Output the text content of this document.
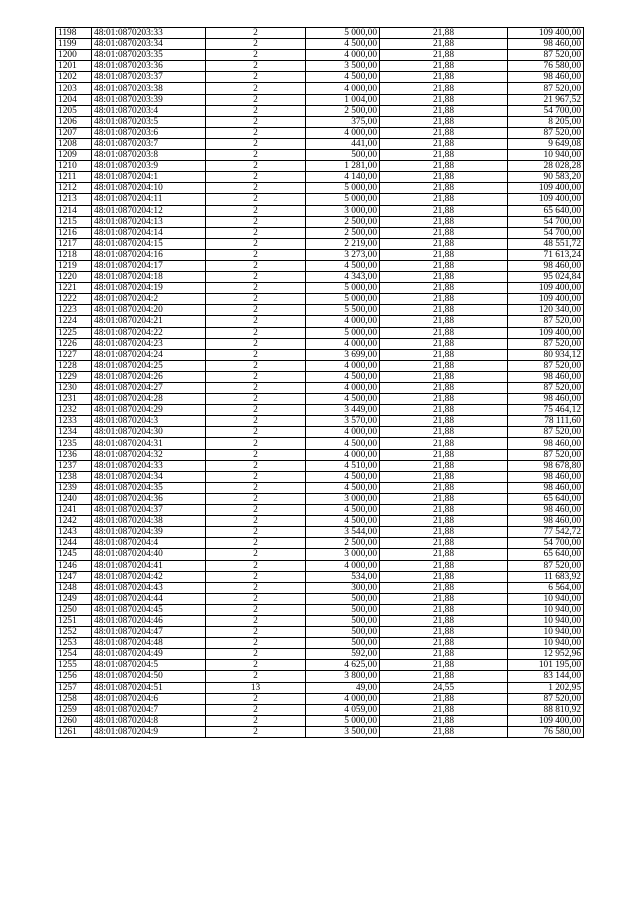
1198	48:01:0870203:33	2	5 000,00	21,88	109 400,00
1199	48:01:0870203:34	2	4 500,00	21,88	98 460,00
1200	48:01:0870203:35	2	4 000,00	21,88	87 520,00
1201	48:01:0870203:36	2	3 500,00	21,88	76 580,00
1202	48:01:0870203:37	2	4 500,00	21,88	98 460,00
1203	48:01:0870203:38	2	4 000,00	21,88	87 520,00
1204	48:01:0870203:39	2	1 004,00	21,88	21 967,52
1205	48:01:0870203:4	2	2 500,00	21,88	54 700,00
1206	48:01:0870203:5	2	375,00	21,88	8 205,00
1207	48:01:0870203:6	2	4 000,00	21,88	87 520,00
1208	48:01:0870203:7	2	441,00	21,88	9 649,08
1209	48:01:0870203:8	2	500,00	21,88	10 940,00
1210	48:01:0870203:9	2	1 281,00	21,88	28 028,28
1211	48:01:0870204:1	2	4 140,00	21,88	90 583,20
1212	48:01:0870204:10	2	5 000,00	21,88	109 400,00
1213	48:01:0870204:11	2	5 000,00	21,88	109 400,00
1214	48:01:0870204:12	2	3 000,00	21,88	65 640,00
1215	48:01:0870204:13	2	2 500,00	21,88	54 700,00
1216	48:01:0870204:14	2	2 500,00	21,88	54 700,00
1217	48:01:0870204:15	2	2 219,00	21,88	48 551,72
1218	48:01:0870204:16	2	3 273,00	21,88	71 613,24
1219	48:01:0870204:17	2	4 500,00	21,88	98 460,00
1220	48:01:0870204:18	2	4 343,00	21,88	95 024,84
1221	48:01:0870204:19	2	5 000,00	21,88	109 400,00
1222	48:01:0870204:2	2	5 000,00	21,88	109 400,00
1223	48:01:0870204:20	2	5 500,00	21,88	120 340,00
1224	48:01:0870204:21	2	4 000,00	21,88	87 520,00
1225	48:01:0870204:22	2	5 000,00	21,88	109 400,00
1226	48:01:0870204:23	2	4 000,00	21,88	87 520,00
1227	48:01:0870204:24	2	3 699,00	21,88	80 934,12
1228	48:01:0870204:25	2	4 000,00	21,88	87 520,00
1229	48:01:0870204:26	2	4 500,00	21,88	98 460,00
1230	48:01:0870204:27	2	4 000,00	21,88	87 520,00
1231	48:01:0870204:28	2	4 500,00	21,88	98 460,00
1232	48:01:0870204:29	2	3 449,00	21,88	75 464,12
1233	48:01:0870204:3	2	3 570,00	21,88	78 111,60
1234	48:01:0870204:30	2	4 000,00	21,88	87 520,00
1235	48:01:0870204:31	2	4 500,00	21,88	98 460,00
1236	48:01:0870204:32	2	4 000,00	21,88	87 520,00
1237	48:01:0870204:33	2	4 510,00	21,88	98 678,80
1238	48:01:0870204:34	2	4 500,00	21,88	98 460,00
1239	48:01:0870204:35	2	4 500,00	21,88	98 460,00
1240	48:01:0870204:36	2	3 000,00	21,88	65 640,00
1241	48:01:0870204:37	2	4 500,00	21,88	98 460,00
1242	48:01:0870204:38	2	4 500,00	21,88	98 460,00
1243	48:01:0870204:39	2	3 544,00	21,88	77 542,72
1244	48:01:0870204:4	2	2 500,00	21,88	54 700,00
1245	48:01:0870204:40	2	3 000,00	21,88	65 640,00
1246	48:01:0870204:41	2	4 000,00	21,88	87 520,00
1247	48:01:0870204:42	2	534,00	21,88	11 683,92
1248	48:01:0870204:43	2	300,00	21,88	6 564,00
1249	48:01:0870204:44	2	500,00	21,88	10 940,00
1250	48:01:0870204:45	2	500,00	21,88	10 940,00
1251	48:01:0870204:46	2	500,00	21,88	10 940,00
1252	48:01:0870204:47	2	500,00	21,88	10 940,00
1253	48:01:0870204:48	2	500,00	21,88	10 940,00
1254	48:01:0870204:49	2	592,00	21,88	12 952,96
1255	48:01:0870204:5	2	4 625,00	21,88	101 195,00
1256	48:01:0870204:50	2	3 800,00	21,88	83 144,00
1257	48:01:0870204:51	13	49,00	24,55	1 202,95
1258	48:01:0870204:6	2	4 000,00	21,88	87 520,00
1259	48:01:0870204:7	2	4 059,00	21,88	88 810,92
1260	48:01:0870204:8	2	5 000,00	21,88	109 400,00
1261	48:01:0870204:9	2	3 500,00	21,88	76 580,00
